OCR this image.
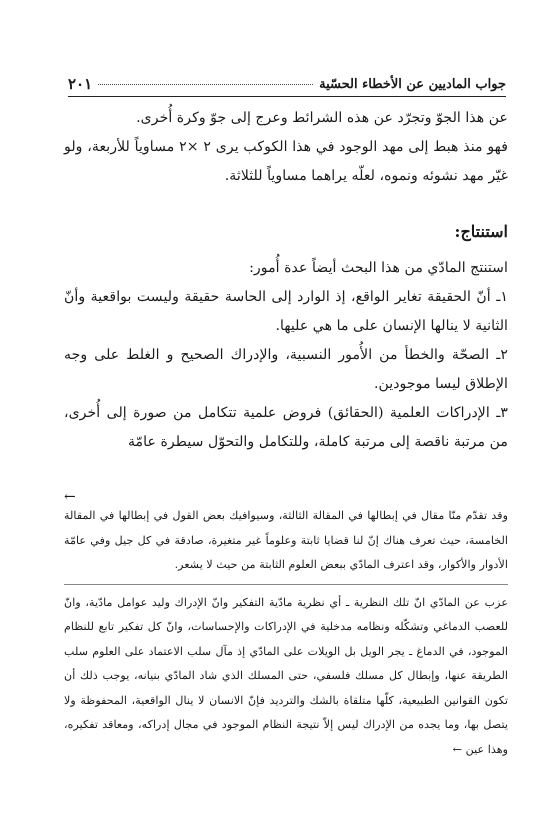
جواب الماديين عن الأخطاء الحسّية
٢٠١

عن هذا الجوّ وتجرّد عن هذه الشرائط وعرج إلى جوّ وكرة أُخرى.

فهو منذ هبط إلى مهد الوجود في هذا الكوكب يرى ٢ ×٢ مساوياً للأربعة، ولو غيّر مهد نشوئه ونموه، لعلّه يراهما مساوياً للثلاثة.

استنتاج:

استنتج المادّي من هذا البحث أيضاً عدة أُمور:

١ـ أنّ الحقيقة تغاير الواقع، إذ الوارد إلى الحاسة حقيقة وليست بواقعية وأنّ الثانية لا ينالها الإنسان على ما هي عليها.

٢ـ الصحّة والخطأ من الأُمور النسبية، والإدراك الصحيح و الغلط على وجه الإطلاق ليسا موجودين.

٣ـ الإدراكات العلمية (الحقائق) فروض علمية تتكامل من صورة إلى أُخرى، من مرتبة ناقصة إلى مرتبة كاملة، وللتكامل والتحوّل سيطرة عامّة

←

وقد تقدّم منّا مقال في إبطالها في المقالة الثالثة، وسيوافيك بعض القول في إبطالها في المقالة الخامسة، حيث تعرف هناك إنّ لنا قضايا ثابتة وعلوماً غير متغيرة، صادقة في كل جيل وفي عامّة الأدوار والأكوار، وقد اعترف المادّي ببعض العلوم الثابتة من حيث لا يشعر.

عزب عن المادّي انّ تلك النظرية ـ أي نظرية مادّية التفكير وانّ الإدراك وليد عوامل مادّية، وانّ للعصب الدماغي وتشكّله ونظامه مدخلية في الإدراكات والإحساسات، وانّ كل تفكير تابع للنظام الموجود، في الدماغ ـ يجر الويل بل الويلات على المادّي إذ مآل سلب الاعتماد على العلوم سلب الطريقة عنها، وإبطال كل مسلك فلسفي، حتى المسلك الذي شاد المادّي بنيانه، يوجب ذلك أن تكون القوانين الطبيعية، كلّها متلقاة بالشك والترديد فإنّ الانسان لا ينال الواقعية، المحفوظة ولا يتصل بها، وما يجده من الإدراك ليس إلاّ نتيجة النظام الموجود في مجال إدراكه، ومعاقد تفكيره، وهذا عين ←
